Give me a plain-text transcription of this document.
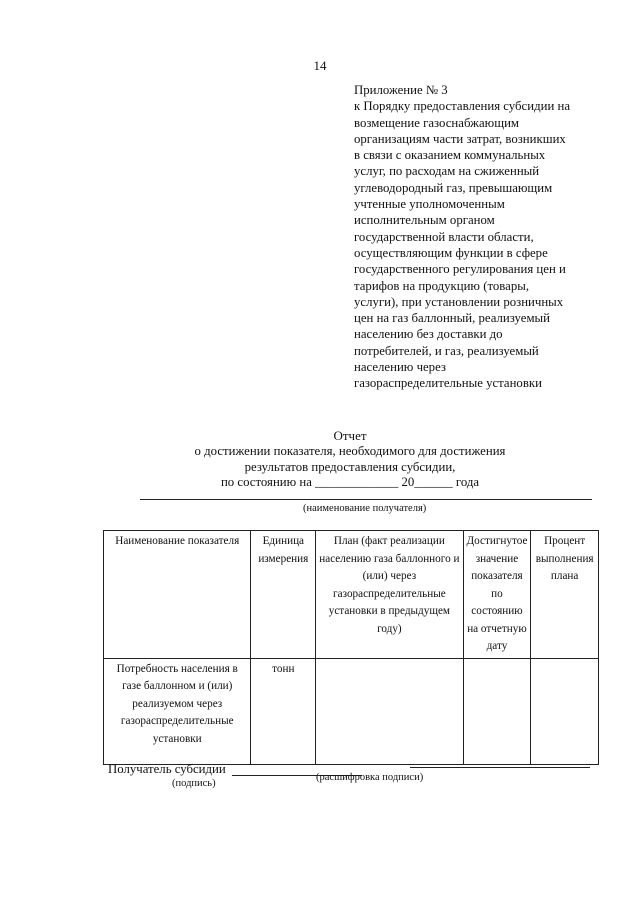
14
Приложение № 3
к Порядку предоставления субсидии на
возмещение газоснабжающим
организациям части затрат, возникших
в связи с оказанием коммунальных
услуг, по расходам на сжиженный
углеводородный газ, превышающим
учтенные уполномоченным
исполнительным органом
государственной власти области,
осуществляющим функции в сфере
государственного регулирования цен и
тарифов на продукцию (товары,
услуги), при установлении розничных
цен на газ баллонный, реализуемый
населению без доставки до
потребителей, и газ, реализуемый
населению через
газораспределительные установки
Отчет
о достижении показателя, необходимого для достижения
результатов предоставления субсидии,
по состоянию на _____________ 20______ года
(наименование получателя)
Наименование показателя	Единица измерения	План (факт реализации населению газа баллонного и (или) через газораспределительные установки в предыдущем году)	Достигнутое значение показателя по состоянию на отчетную дату	Процент выполнения плана
Потребность населения в газе баллонном и (или) реализуемом через газораспределительные установки	тонн			
Получатель субсидии
(подпись)
(расшифровка подписи)
